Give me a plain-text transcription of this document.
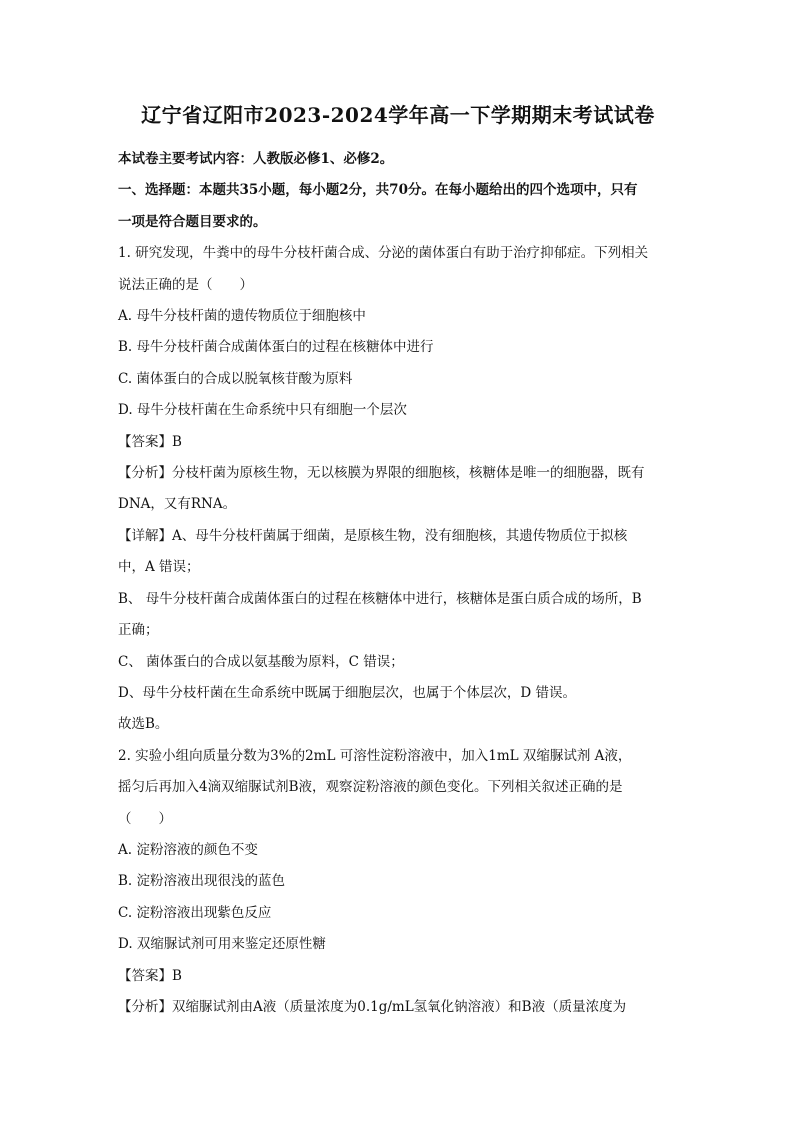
辽宁省辽阳市2023-2024学年高一下学期期末考试试卷

本试卷主要考试内容：人教版必修1、必修2。

一、选择题：本题共35小题，每小题2分，共70分。在每小题给出的四个选项中，只有

一项是符合题目要求的。

1. 研究发现，牛粪中的母牛分枝杆菌合成、分泌的菌体蛋白有助于治疗抑郁症。下列相关

说法正确的是（　　）

A. 母牛分枝杆菌的遗传物质位于细胞核中

B. 母牛分枝杆菌合成菌体蛋白的过程在核糖体中进行

C. 菌体蛋白的合成以脱氧核苷酸为原料

D. 母牛分枝杆菌在生命系统中只有细胞一个层次

【答案】B

【分析】分枝杆菌为原核生物，无以核膜为界限的细胞核，核糖体是唯一的细胞器，既有

DNA，又有RNA。

【详解】A、母牛分枝杆菌属于细菌，是原核生物，没有细胞核，其遗传物质位于拟核

中，A 错误；

B、 母牛分枝杆菌合成菌体蛋白的过程在核糖体中进行，核糖体是蛋白质合成的场所，B

正确；

C、 菌体蛋白的合成以氨基酸为原料，C 错误；

D、母牛分枝杆菌在生命系统中既属于细胞层次，也属于个体层次，D 错误。

故选B。

2. 实验小组向质量分数为3%的2mL 可溶性淀粉溶液中，加入1mL 双缩脲试剂 A液，

摇匀后再加入4滴双缩脲试剂B液，观察淀粉溶液的颜色变化。下列相关叙述正确的是

（　　）

A. 淀粉溶液的颜色不变

B. 淀粉溶液出现很浅的蓝色

C. 淀粉溶液出现紫色反应

D. 双缩脲试剂可用来鉴定还原性糖

【答案】B

【分析】双缩脲试剂由A液（质量浓度为0.1g/mL氢氧化钠溶液）和B液（质量浓度为
